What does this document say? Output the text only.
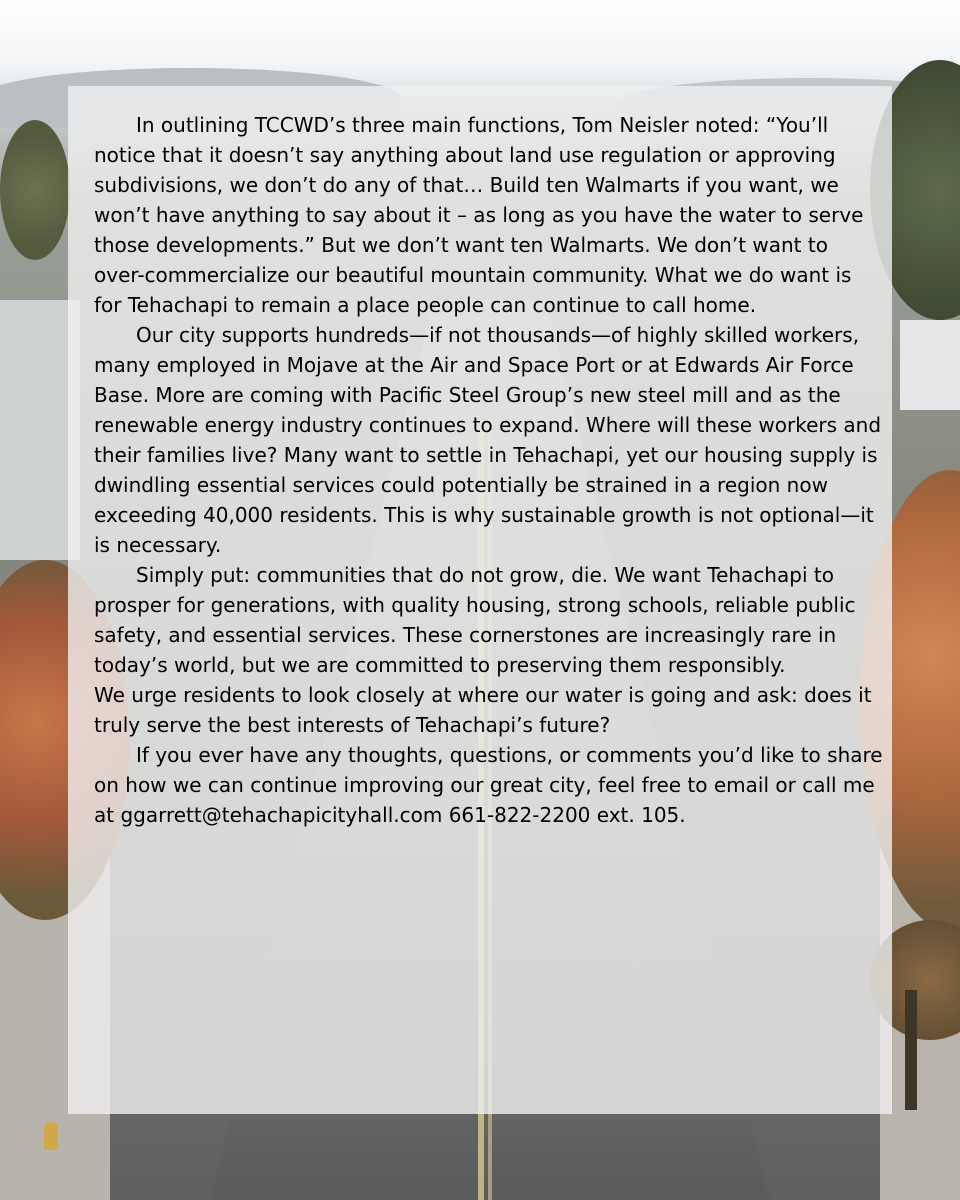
In outlining TCCWD’s three main functions, Tom Neisler noted: “You’ll notice that it doesn’t say anything about land use regulation or approving subdivisions, we don’t do any of that… Build ten Walmarts if you want, we won’t have anything to say about it – as long as you have the water to serve those developments.” But we don’t want ten Walmarts. We don’t want to over-commercialize our beautiful mountain community. What we do want is for Tehachapi to remain a place people can continue to call home.

Our city supports hundreds—if not thousands—of highly skilled workers, many employed in Mojave at the Air and Space Port or at Edwards Air Force Base. More are coming with Pacific Steel Group’s new steel mill and as the renewable energy industry continues to expand. Where will these workers and their families live? Many want to settle in Tehachapi, yet our housing supply is dwindling essential services could potentially be strained in a region now exceeding 40,000 residents. This is why sustainable growth is not optional—it is necessary.

Simply put: communities that do not grow, die. We want Tehachapi to prosper for generations, with quality housing, strong schools, reliable public safety, and essential services. These cornerstones are increasingly rare in today’s world, but we are committed to preserving them responsibly.

We urge residents to look closely at where our water is going and ask: does it truly serve the best interests of Tehachapi’s future?

If you ever have any thoughts, questions, or comments you’d like to share on how we can continue improving our great city, feel free to email or call me at ggarrett@tehachapicityhall.com 661-822-2200 ext. 105.
